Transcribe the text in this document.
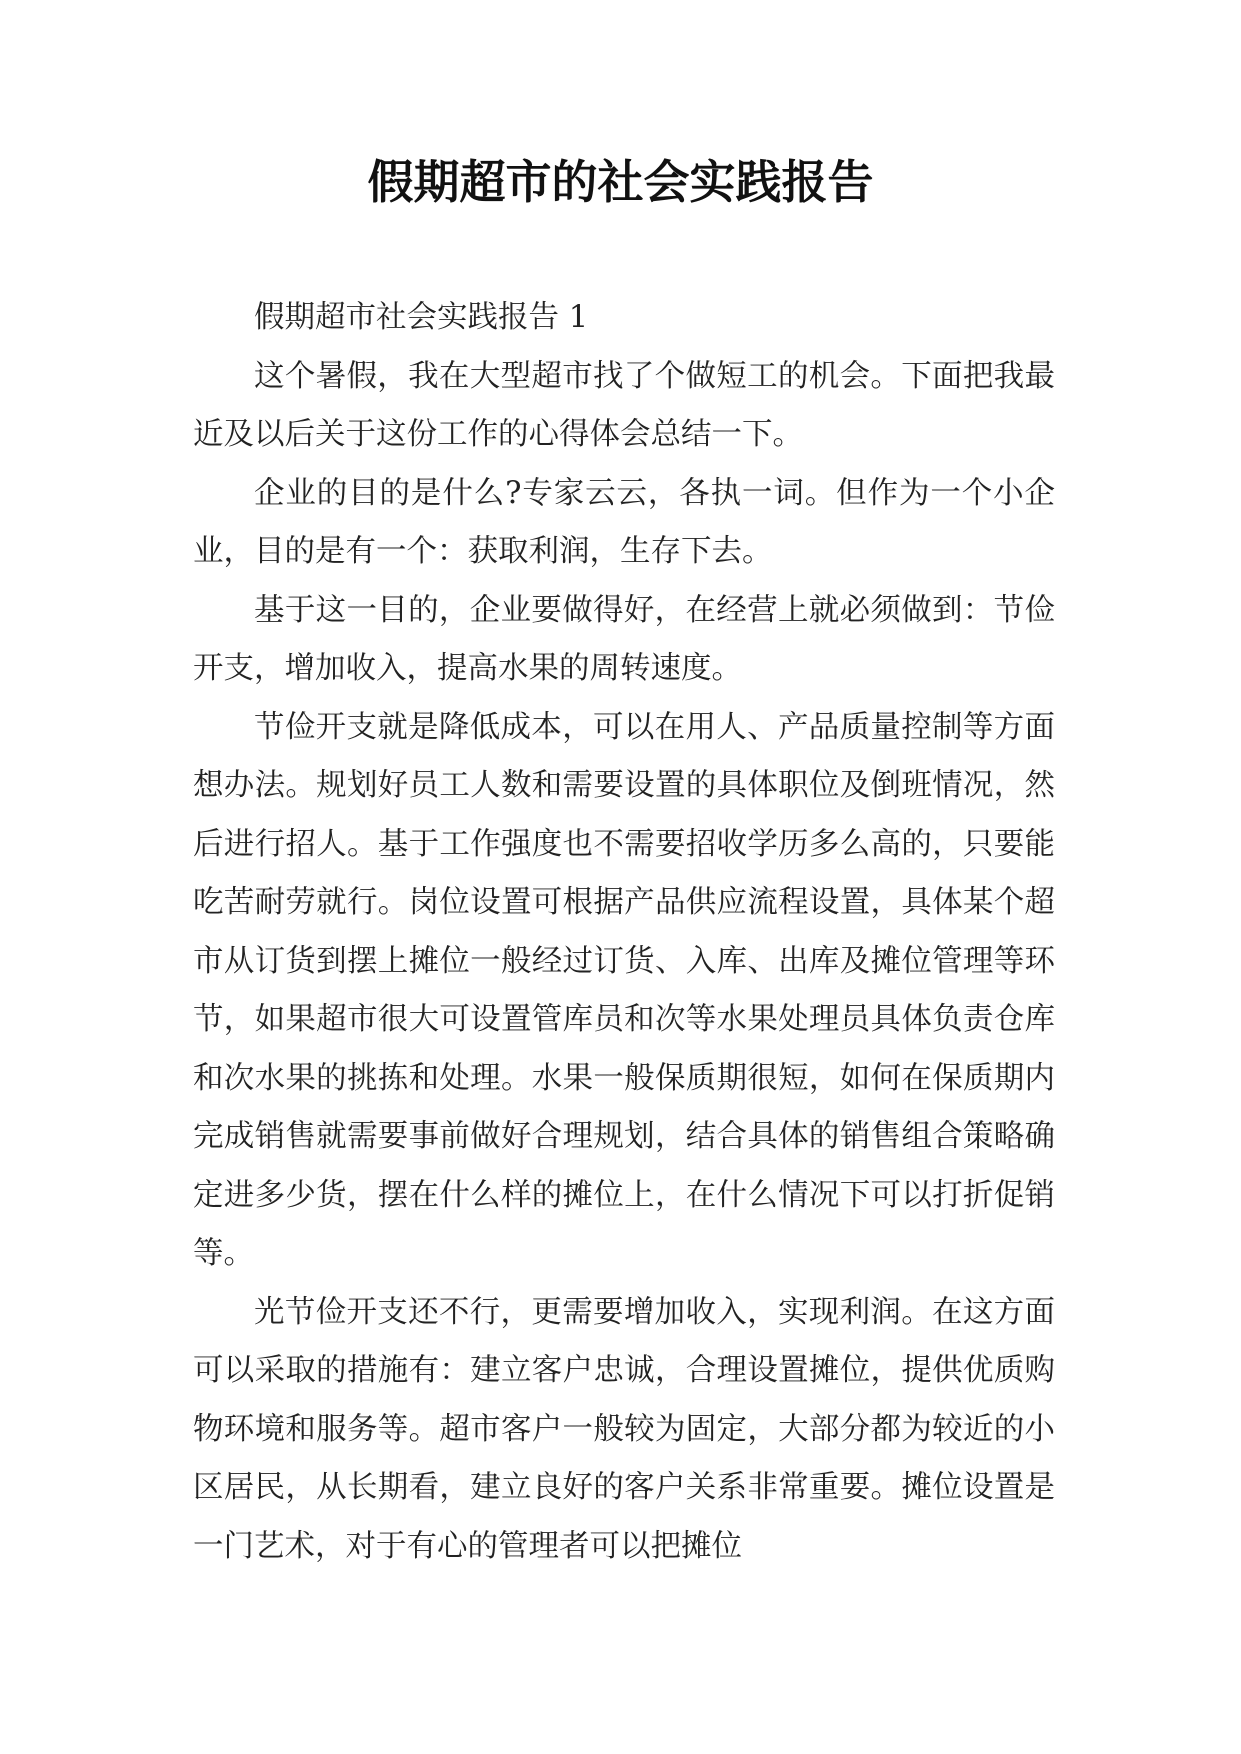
假期超市的社会实践报告

假期超市社会实践报告 1

这个暑假，我在大型超市找了个做短工的机会。下面把我最近及以后关于这份工作的心得体会总结一下。

企业的目的是什么?专家云云，各执一词。但作为一个小企业，目的是有一个：获取利润，生存下去。

基于这一目的，企业要做得好，在经营上就必须做到：节俭开支，增加收入，提高水果的周转速度。

节俭开支就是降低成本，可以在用人、产品质量控制等方面想办法。规划好员工人数和需要设置的具体职位及倒班情况，然后进行招人。基于工作强度也不需要招收学历多么高的，只要能吃苦耐劳就行。岗位设置可根据产品供应流程设置，具体某个超市从订货到摆上摊位一般经过订货、入库、出库及摊位管理等环节，如果超市很大可设置管库员和次等水果处理员具体负责仓库和次水果的挑拣和处理。水果一般保质期很短，如何在保质期内完成销售就需要事前做好合理规划，结合具体的销售组合策略确定进多少货，摆在什么样的摊位上，在什么情况下可以打折促销等。

光节俭开支还不行，更需要增加收入，实现利润。在这方面可以采取的措施有：建立客户忠诚，合理设置摊位，提供优质购物环境和服务等。超市客户一般较为固定，大部分都为较近的小区居民，从长期看，建立良好的客户关系非常重要。摊位设置是一门艺术，对于有心的管理者可以把摊位
